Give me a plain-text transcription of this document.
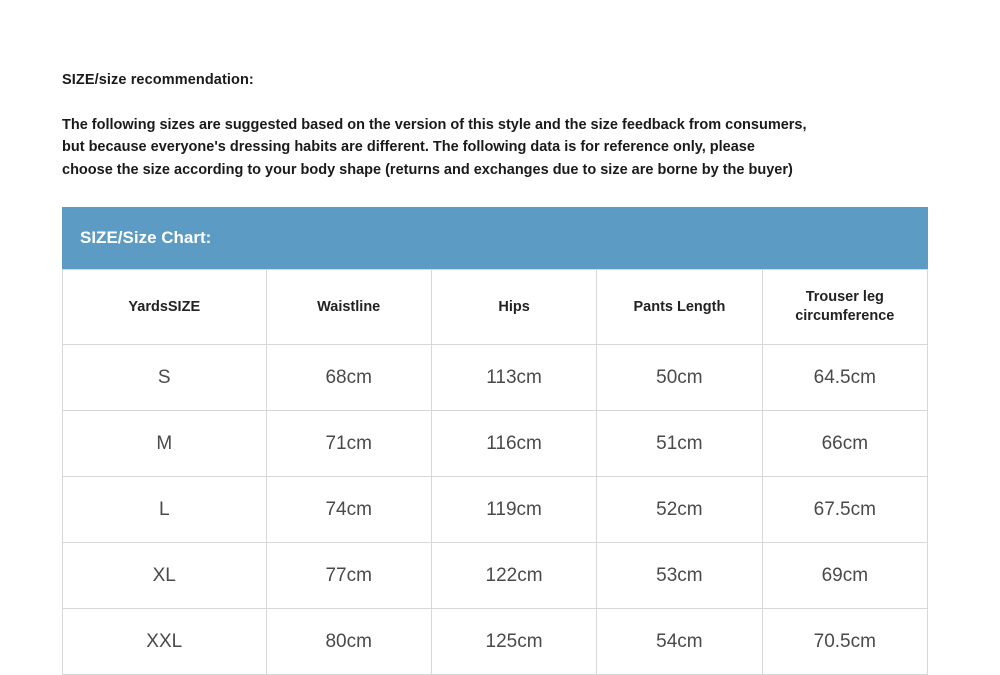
SIZE/size recommendation:
The following sizes are suggested based on the version of this style and the size feedback from consumers,
but because everyone's dressing habits are different. The following data is for reference only, please
choose the size according to your body shape (returns and exchanges due to size are borne by the buyer)
SIZE/Size Chart:
YardsSIZE	Waistline	Hips	Pants Length	Trouser leg circumference
S	68cm	113cm	50cm	64.5cm
M	71cm	116cm	51cm	66cm
L	74cm	119cm	52cm	67.5cm
XL	77cm	122cm	53cm	69cm
XXL	80cm	125cm	54cm	70.5cm
